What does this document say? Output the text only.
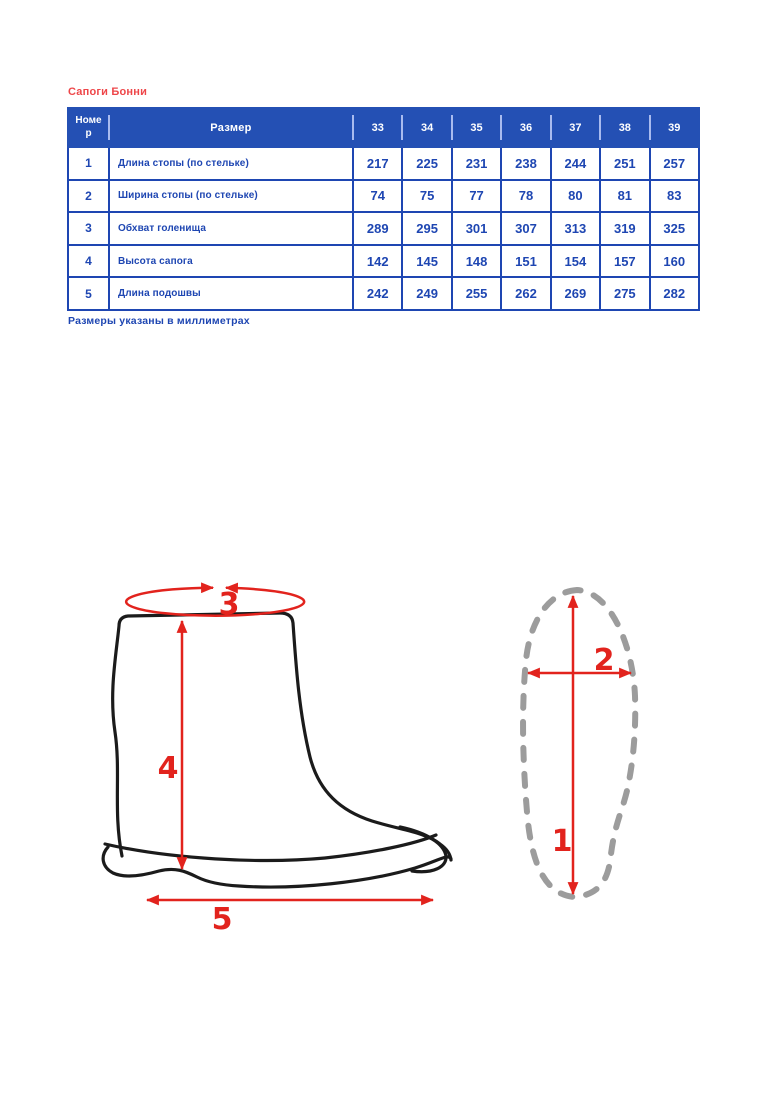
Сапоги Бонни
Номер	Размер	33	34	35	36	37	38	39
1	Длина стопы (по стельке)	217	225	231	238	244	251	257
2	Ширина стопы (по стельке)	74	75	77	78	80	81	83
3	Обхват голенища	289	295	301	307	313	319	325
4	Высота сапога	142	145	148	151	154	157	160
5	Длина подошвы	242	249	255	262	269	275	282
Размеры указаны в миллиметрах
3
4
5
1
2
